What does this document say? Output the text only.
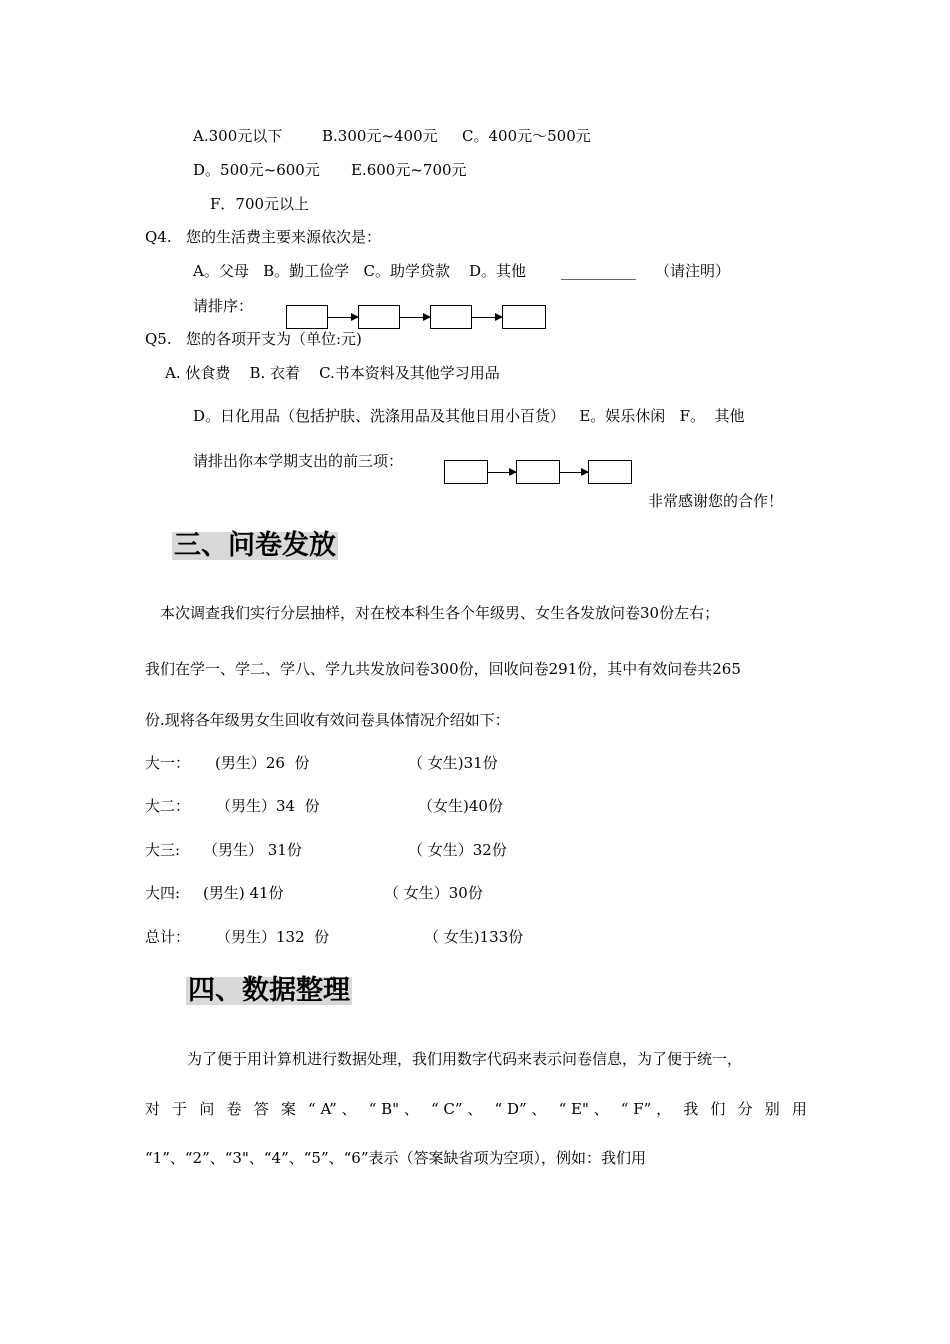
A.300元以下	B.300元~400元 C。400元～500元
D。500元~600元 E.600元~700元
F．700元以上
Q4. 您的生活费主要来源依次是：
A。父母   B。勤工俭学   C。助学贷款    D。其他 __________ （请注明）
请排序：
Q5. 您的各项开支为（单位:元)
A. 伙食费    B. 衣着    C.书本资料及其他学习用品
D。日化用品（包括护肤、洗涤用品及其他日用小百货）   E。娱乐休闲   F。  其他
请排出你本学期支出的前三项：
非常感谢您的合作！
三、问卷发放
本次调查我们实行分层抽样，对在校本科生各个年级男、女生各发放问卷30份左右；
我们在学一、学二、学八、学九共发放问卷300份，回收问卷291份，其中有效问卷共265
份.现将各年级男女生回收有效问卷具体情况介绍如下：
大一： (男生）26  份	（ 女生)31份
大二： （男生）34  份	（女生)40份
大三: （男生） 31份	（ 女生）32份
大四: (男生) 41份	（ 女生）30份
总计： （男生）132  份	（ 女生)133份
四、数据整理
为了便于用计算机进行数据处理，我们用数字代码来表示问卷信息，为了便于统一，
对 于 问 卷 答 案 “ A” 、 “ B" 、 “ C” 、 “ D” 、 “ E" 、 “ F” ， 我 们 分 别 用
“1”、“2”、“3"、“4”、“5”、“6”表示（答案缺省项为空项），例如：我们用
